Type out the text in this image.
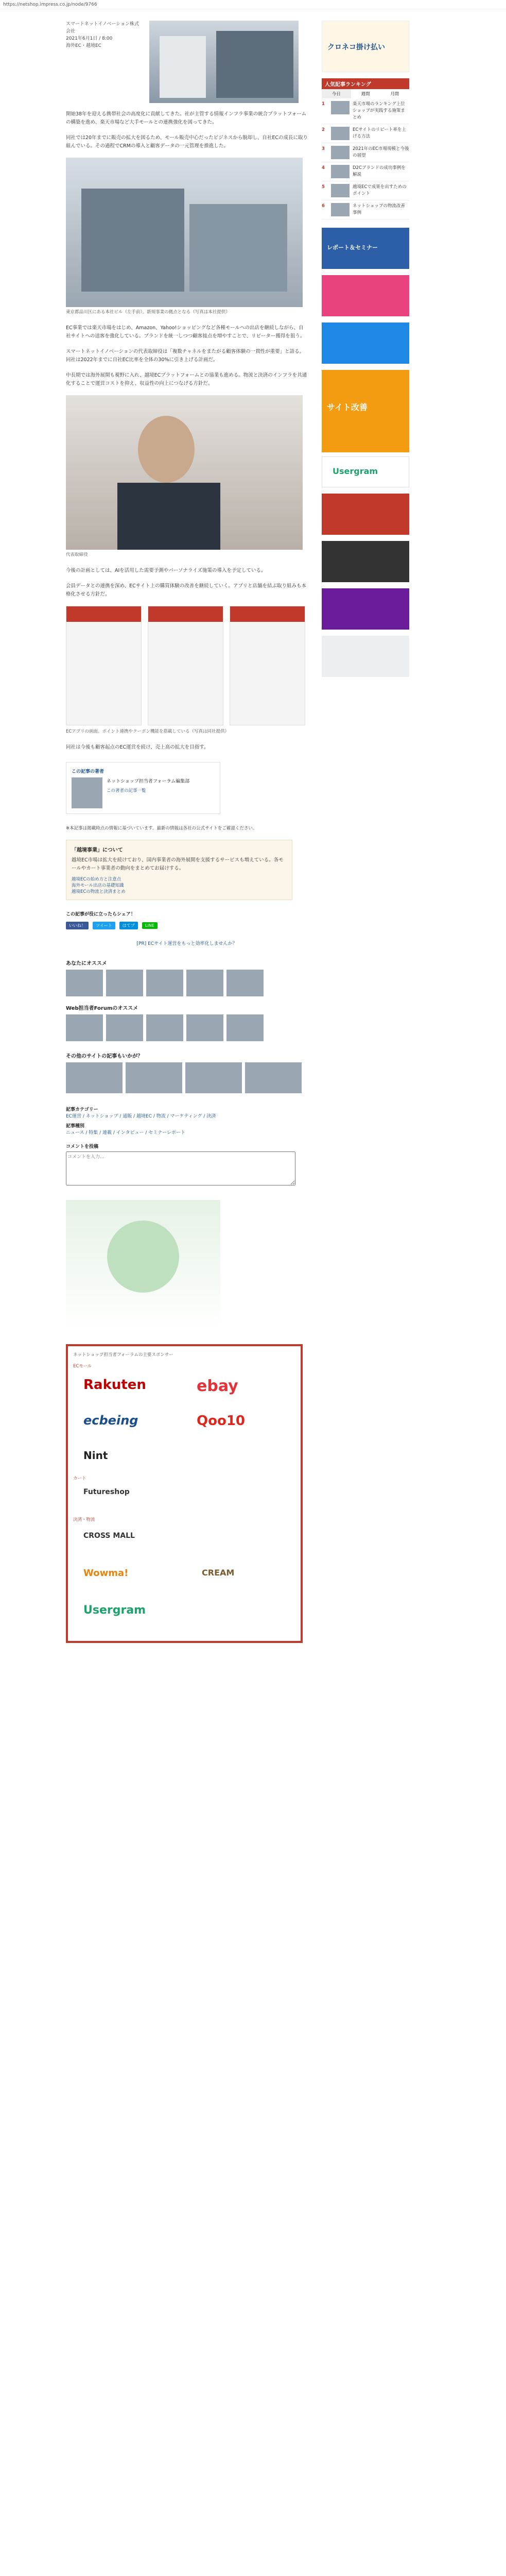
https://netshop.impress.co.jp/node/9766
スマートネットイノベーション株式会社
2021年6月1日 / 8:00
海外EC・越境EC

開始38年を迎える携帯社会の高度化に貢献してきた。社が主管する情報インフラ事業の統合プラットフォームの構築を進め、楽天市場など大手モールとの連携強化を図ってきた。

同社では20年までに販売の拡大を図るため、モール販売中心だったビジネスから脱却し、自社ECの成長に取り組んでいる。その過程でCRMの導入と顧客データの一元管理を推進した。

東京都品川区にある本社ビル（左手前）。新規事業の拠点となる（写真は本社提供）

EC事業では楽天市場をはじめ、Amazon、Yahoo!ショッピングなど各種モールへの出店を継続しながら、自社サイトへの送客を強化している。ブランドを統一しつつ顧客接点を増やすことで、リピーター獲得を狙う。

スマートネットイノベーションの代表取締役は「複数チャネルをまたがる顧客体験の一貫性が重要」と語る。同社は2022年までに自社EC比率を全体の30%に引き上げる計画だ。

中長期では海外展開も視野に入れ、越境ECプラットフォームとの協業も進める。物流と決済のインフラを共通化することで運営コストを抑え、収益性の向上につなげる方針だ。

代表取締役

今後の計画としては、AIを活用した需要予測やパーソナライズ施策の導入を予定している。

会員データとの連携を深め、ECサイト上の購買体験の改善を継続していく。アプリと店舗を結ぶ取り組みも本格化させる方針だ。

ECアプリの画面。ポイント連携やクーポン機能を搭載している（写真は同社提供）

同社は今後も顧客起点のEC運営を続け、売上高の拡大を目指す。

この記事の著者
ネットショップ担当者フォーラム編集部
この著者の記事一覧

※本記事は掲載時点の情報に基づいています。最新の情報は各社の公式サイトをご確認ください。

「越境事業」について

越境EC市場は拡大を続けており、国内事業者の海外展開を支援するサービスも増えている。各モールやカート事業者の動向をまとめてお届けする。

越境ECの始め方と注意点
海外モール出店の基礎知識
越境ECの物流と決済まとめ
この記事が役に立ったらシェア！
いいね！	ツイート	はてブ	LINE
[PR] ECサイト運営をもっと効率化しませんか？
あなたにオススメ
Web担当者Forumのオススメ
その他のサイトの記事もいかが？
記事カテゴリー
EC運営 / ネットショップ / 通販 / 越境EC / 物流 / マーケティング / 決済
記事種別
ニュース / 特集 / 連載 / インタビュー / セミナーレポート
コメントを投稿
コメントを入力...
ネットショップ担当者フォーラムの主要スポンサー
ECモール
Rakuten	ebay
ecbeing	Qoo10
Nint
カート
Futureshop
決済・物流
CROSS MALL
Wowma!	CREAM
Usergram
クロネコ掛け払い
人気記事ランキング
今日	週間	月間
1	楽天市場のランキング上位ショップが実践する施策まとめ
2	ECサイトのリピート率を上げる方法
3	2021年のEC市場規模と今後の展望
4	D2Cブランドの成功事例を解説
5	越境ECで成果を出すためのポイント
6	ネットショップの物流改善事例
レポート＆セミナー
サイト改善
Usergram
